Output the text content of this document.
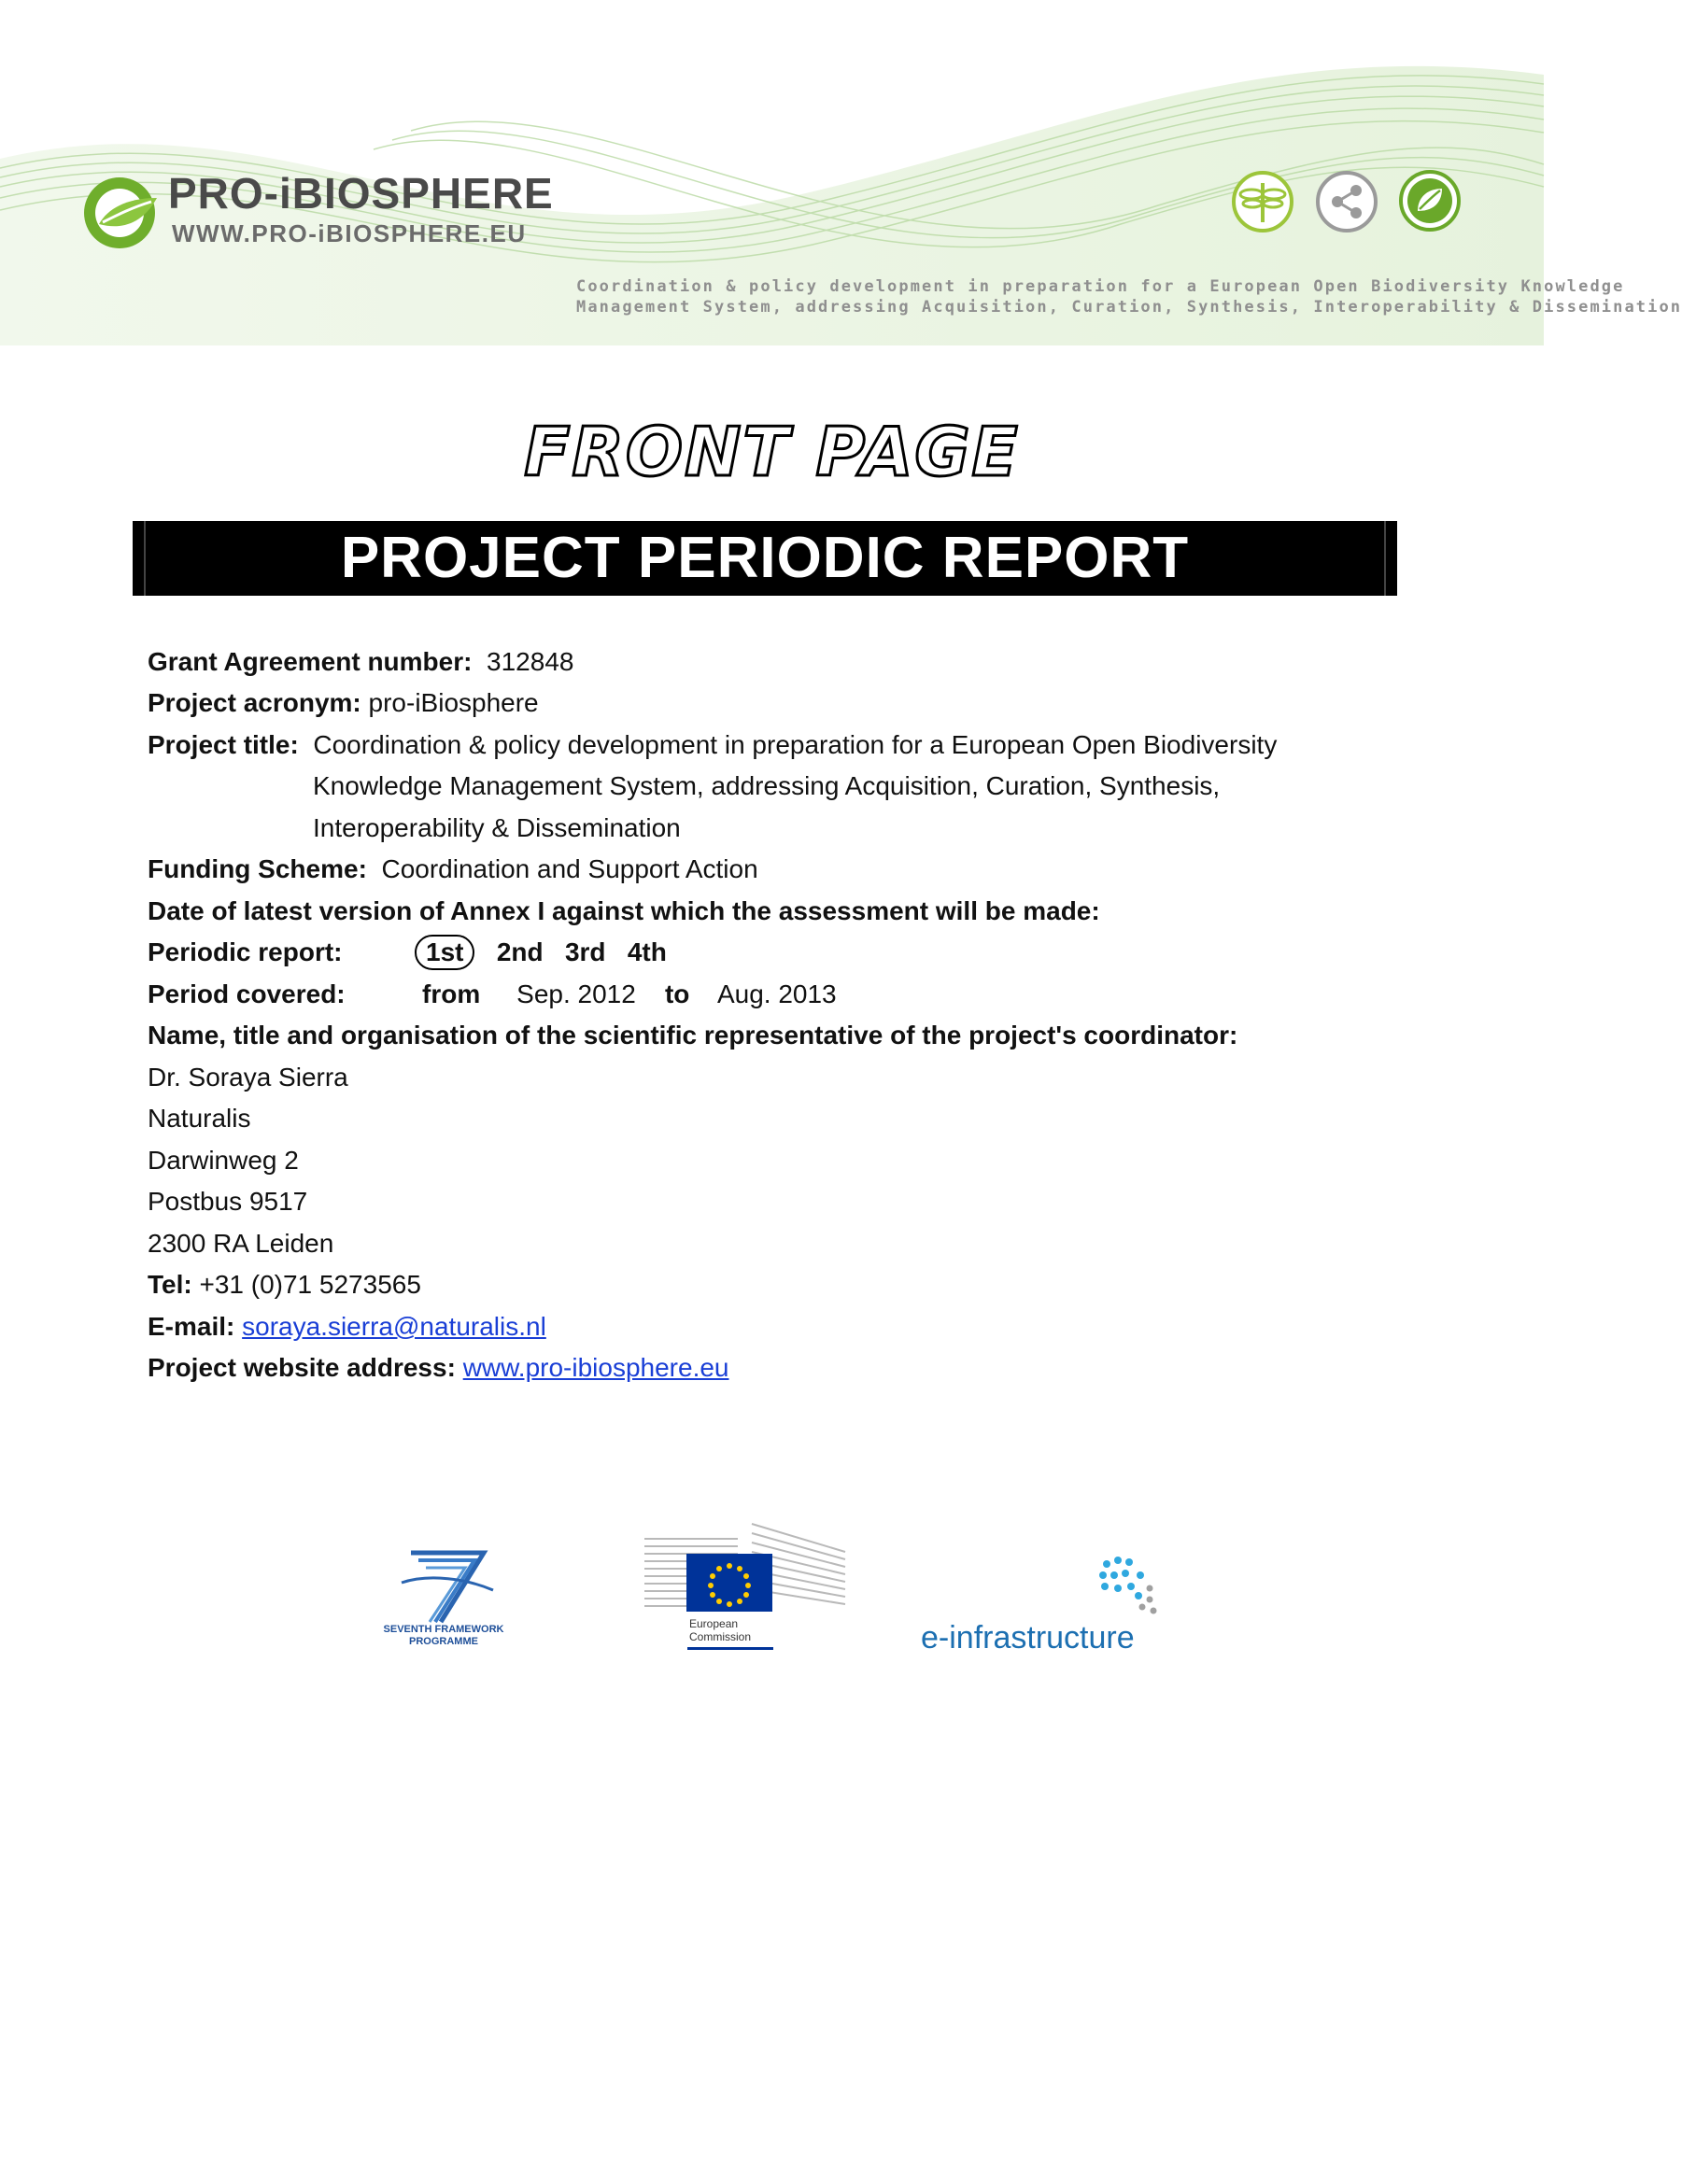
PRO-iBIOSPHERE
WWW.PRO-iBIOSPHERE.EU
Coordination & policy development in preparation for a European Open Biodiversity Knowledge
Management System, addressing Acquisition, Curation, Synthesis, Interoperability & Dissemination
FRONT PAGE
PROJECT PERIODIC REPORT
Grant Agreement number: 312848
Project acronym: pro-iBiosphere
Project title: Coordination & policy development in preparation for a European Open Biodiversity
Knowledge Management System, addressing Acquisition, Curation, Synthesis,
Interoperability & Dissemination
Funding Scheme: Coordination and Support Action
Date of latest version of Annex I against which the assessment will be made:
Periodic report:	1st 2nd 3rd 4th
Period covered:	from Sep. 2012 to Aug. 2013
Name, title and organisation of the scientific representative of the project's coordinator:
Dr. Soraya Sierra
Naturalis
Darwinweg 2
Postbus 9517
2300 RA Leiden
Tel: +31 (0)71 5273565
E-mail: soraya.sierra@naturalis.nl
Project website address: www.pro-ibiosphere.eu
SEVENTH FRAMEWORK
PROGRAMME
European
Commission	e-infrastructure
